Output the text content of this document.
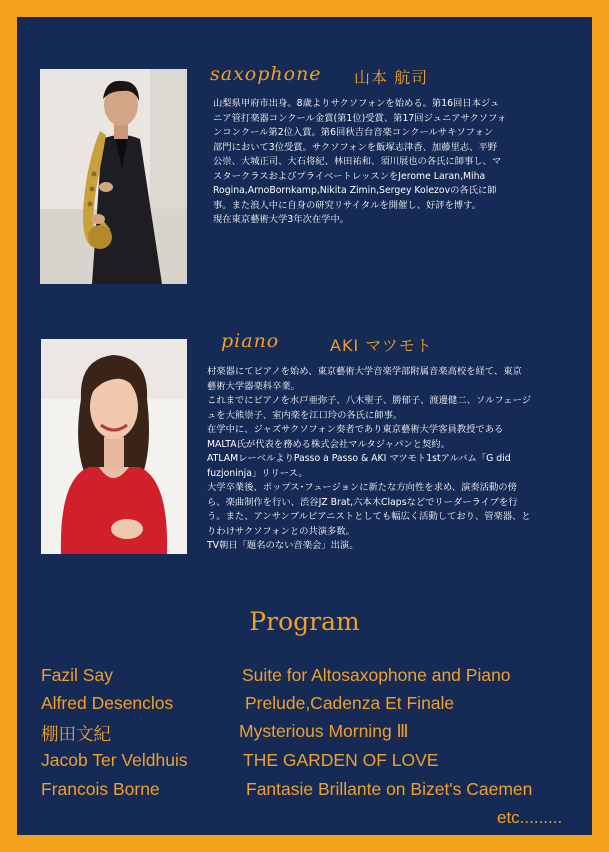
saxophone 山本 航司

山梨県甲府市出身。8歳よりサクソフォンを始める。第16回日本ジュ

ニア管打楽器コンクール金賞(第1位)受賞、第17回ジュニアサクソフォ

ンコンクール第2位入賞。第6回秋吉台音楽コンクールサキソフォン

部門において3位受賞。サクソフォンを飯塚志津香、加藤里志、平野

公崇、大城正司、大石将紀、林田祐和、須川展也の各氏に師事し、マ

スタークラスおよびプライベートレッスンをJerome Laran,Miha

Rogina,ArnoBornkamp,Nikita Zimin,Sergey Kolezovの各氏に師

事。また浪人中に自身の研究リサイタルを開催し、好評を博す。

現在東京藝術大学3年次在学中。

piano	AKI マツモト

村楽器にてピアノを始め、東京藝術大学音楽学部附属音楽高校を経て、東京

藝術大学器楽科卒業。

これまでにピアノを水戸亜弥子、八木聖子、勝郁子、渡邊健二、ソルフェージ

ュを大熊崇子、室内楽を江口玲の各氏に師事。

在学中に、ジャズサクソフォン奏者であり東京藝術大学客員教授である

MALTA氏が代表を務める株式会社マルタジャパンと契約。

ATLAMレーベルよりPasso a Passo & AKI マツモト1stアルバム「G did

fuzjoninja」リリース。

大学卒業後、ポップス･フュージョンに新たな方向性を求め、演奏活動の傍

ら、楽曲制作を行い、渋谷JZ Brat,六本木Clapsなどでリーダーライブを行

う。また、アンサンブルピアニストとしても幅広く活動しており、管楽器、と

りわけサクソフォンとの共演多数。

TV朝日「題名のない音楽会」出演。

Program
Fazil Say	Suite for Altosaxophone and Piano
Alfred Desenclos	Prelude,Cadenza Et Finale
棚田文紀	Mysterious Morning Ⅲ
Jacob Ter Veldhuis	THE GARDEN OF LOVE
Francois Borne	Fantasie Brillante on Bizet's Caemen
etc.........
